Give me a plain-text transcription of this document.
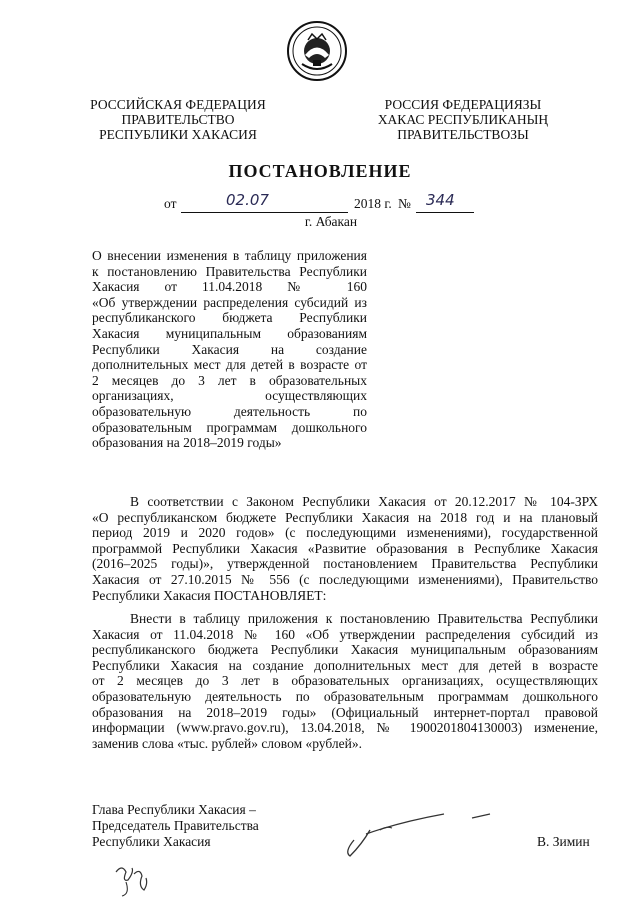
РОССИЙСКАЯ ФЕДЕРАЦИЯ
ПРАВИТЕЛЬСТВО
РЕСПУБЛИКИ ХАКАСИЯ
РОССИЯ ФЕДЕРАЦИЯЗЫ
ХАКАС РЕСПУБЛИКАНЫҢ
ПРАВИТЕЛЬСТВОЗЫ
ПОСТАНОВЛЕНИЕ
от	02.07	2018 г. № 344
г. Абакан
О внесении изменения в таблицу приложения
к постановлению Правительства Республики
Хакасия от 11.04.2018 № 160
«Об утверждении распределения субсидий из
республиканского бюджета Республики
Хакасия муниципальным образованиям
Республики Хакасия на создание
дополнительных мест для детей в возрасте от
2 месяцев до 3 лет в образовательных
организациях, осуществляющих
образовательную деятельность по
образовательным программам дошкольного
образования на 2018–2019 годы»
В соответствии с Законом Республики Хакасия от 20.12.2017 № 104-ЗРХ
«О республиканском бюджете Республики Хакасия на 2018 год и на плановый
период 2019 и 2020 годов» (с последующими изменениями), государственной
программой Республики Хакасия «Развитие образования в Республике Хакасия
(2016–2025 годы)», утвержденной постановлением Правительства Республики
Хакасия от 27.10.2015 № 556 (с последующими изменениями), Правительство
Республики Хакасия ПОСТАНОВЛЯЕТ:
Внести в таблицу приложения к постановлению Правительства Республики
Хакасия от 11.04.2018 № 160 «Об утверждении распределения субсидий из
республиканского бюджета Республики Хакасия муниципальным образованиям
Республики Хакасия на создание дополнительных мест для детей в возрасте
от 2 месяцев до 3 лет в образовательных организациях, осуществляющих
образовательную деятельность по образовательным программам дошкольного
образования на 2018–2019 годы» (Официальный интернет-портал правовой
информации (www.pravo.gov.ru), 13.04.2018, № 1900201804130003) изменение,
заменив слова «тыс. рублей» словом «рублей».
Глава Республики Хакасия –
Председатель Правительства
Республики Хакасия	В. Зимин
